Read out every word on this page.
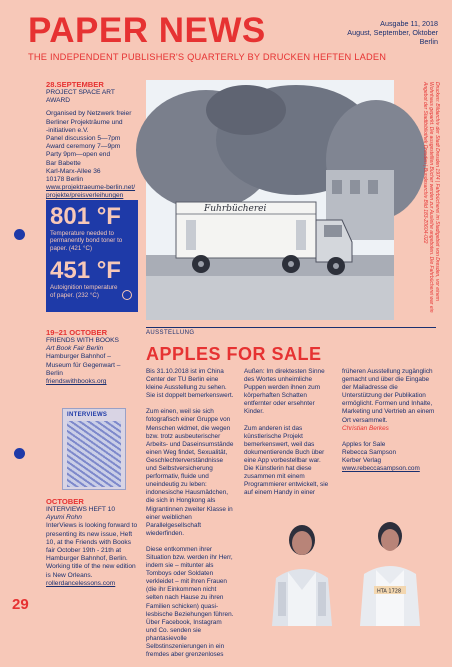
PAPER NEWS
THE INDEPENDENT PUBLISHER'S QUARTERLY BY DRUCKEN HEFTEN LADEN
Ausgabe 11, 2018
August, September, Oktober
Berlin
28.SEPTEMBER
PROJECT SPACE ART AWARD
Organised by Netzwerk freier
Berliner Projekträume und
-initiativen e.V.
Panel discussion 5—7pm
Award ceremony 7—9pm
Party 9pm—open end
Bar Babette
Karl-Marx-Allee 36
10178 Berlin
www.projektraeume-berlin.net/
projekte/preisverleihungen
801 °F
Temperature needed to permanently bond toner to paper. (421 °C)
451 °F
Autoignition temperature of paper. (232 °C)
19–21 OCTOBER
FRIENDS WITH BOOKS
Art Book Fair Berlin
Hamburger Bahnhof –
Museum für Gegenwart –
Berlin
friendswithbooks.org
INTERVIEWS
OCTOBER
INTERVIEWS HEFT 10
Ayumi Rohn
InterViews is looking forward to
presenting its new issue, Heft
10, at the Friends with Books
fair October 19th - 21th at
Hamburger Bahnhof, Berlin.
Working title of the new edition
is New Orleans.
rollerdancelessons.com
29
Fuhrbücherei	Drucken: Bildarchiv der Stadt Dresden 1974 | Fahrbücherei im Stadtgebiet von Dresden, vor einem Wohnhaus geparkt. Die ausgestellten Bücher werden zur Ausleihe angeboten. Die Fahrbücherei war ein Angebot der Stadtbibliothek Dresden | Bundesarchiv Bild 183-Z0604-022
AUSSTELLUNG
APPLES FOR SALE

Bis 31.10.2018 ist im China Center der TU Berlin eine kleine Ausstellung zu sehen. Sie ist doppelt bemerkenswert.

Zum einen, weil sie sich fotografisch einer Gruppe von Menschen widmet, die wegen bzw. trotz ausbeuterischer Arbeits- und Daseinsumstände einen Weg findet, Sexualität, Geschlechterverständnisse und Selbstversicherung performativ, fluide und uneindeutig zu leben: indonesische Hausmädchen, die sich in Hongkong als Migrantinnen zweiter Klasse in einer weiblichen Parallelgesellschaft wiederfinden.

Diese entkommen ihrer Situation bzw. werden ihr Herr, indem sie – mitunter als Tomboys oder Soldaten verkleidet – mit ihren Frauen (die ihr Einkommen nicht selten nach Hause zu ihren Familien schicken) quasi-lesbische Beziehungen führen. Über Facebook, Instagram und Co. senden sie phantasievolle Selbstinszenierungen in ein fremdes aber grenzenloses

Außen: Im direktesten Sinne des Wortes unheimliche Puppen werden ihnen zum körperhaften Schatten entfernter oder ersehnter Kinder.

Zum anderen ist das künstlerische Projekt bemerkenswert, weil das dokumentierende Buch über eine App vorbestellbar war. Die Künstlerin hat diese zusammen mit einem Programmierer entwickelt, sie auf einem Handy in einer

früheren Ausstellung zugänglich gemacht und über die Eingabe der Mailadresse die Unterstützung der Publikation ermöglicht. Formen und Inhalte, Marketing und Vertrieb an einem Ort versammelt.

Christian Berkes

Apples for Sale
Rebecca Sampson
Kerber Verlag
www.rebeccasampson.com
HTA 1728
